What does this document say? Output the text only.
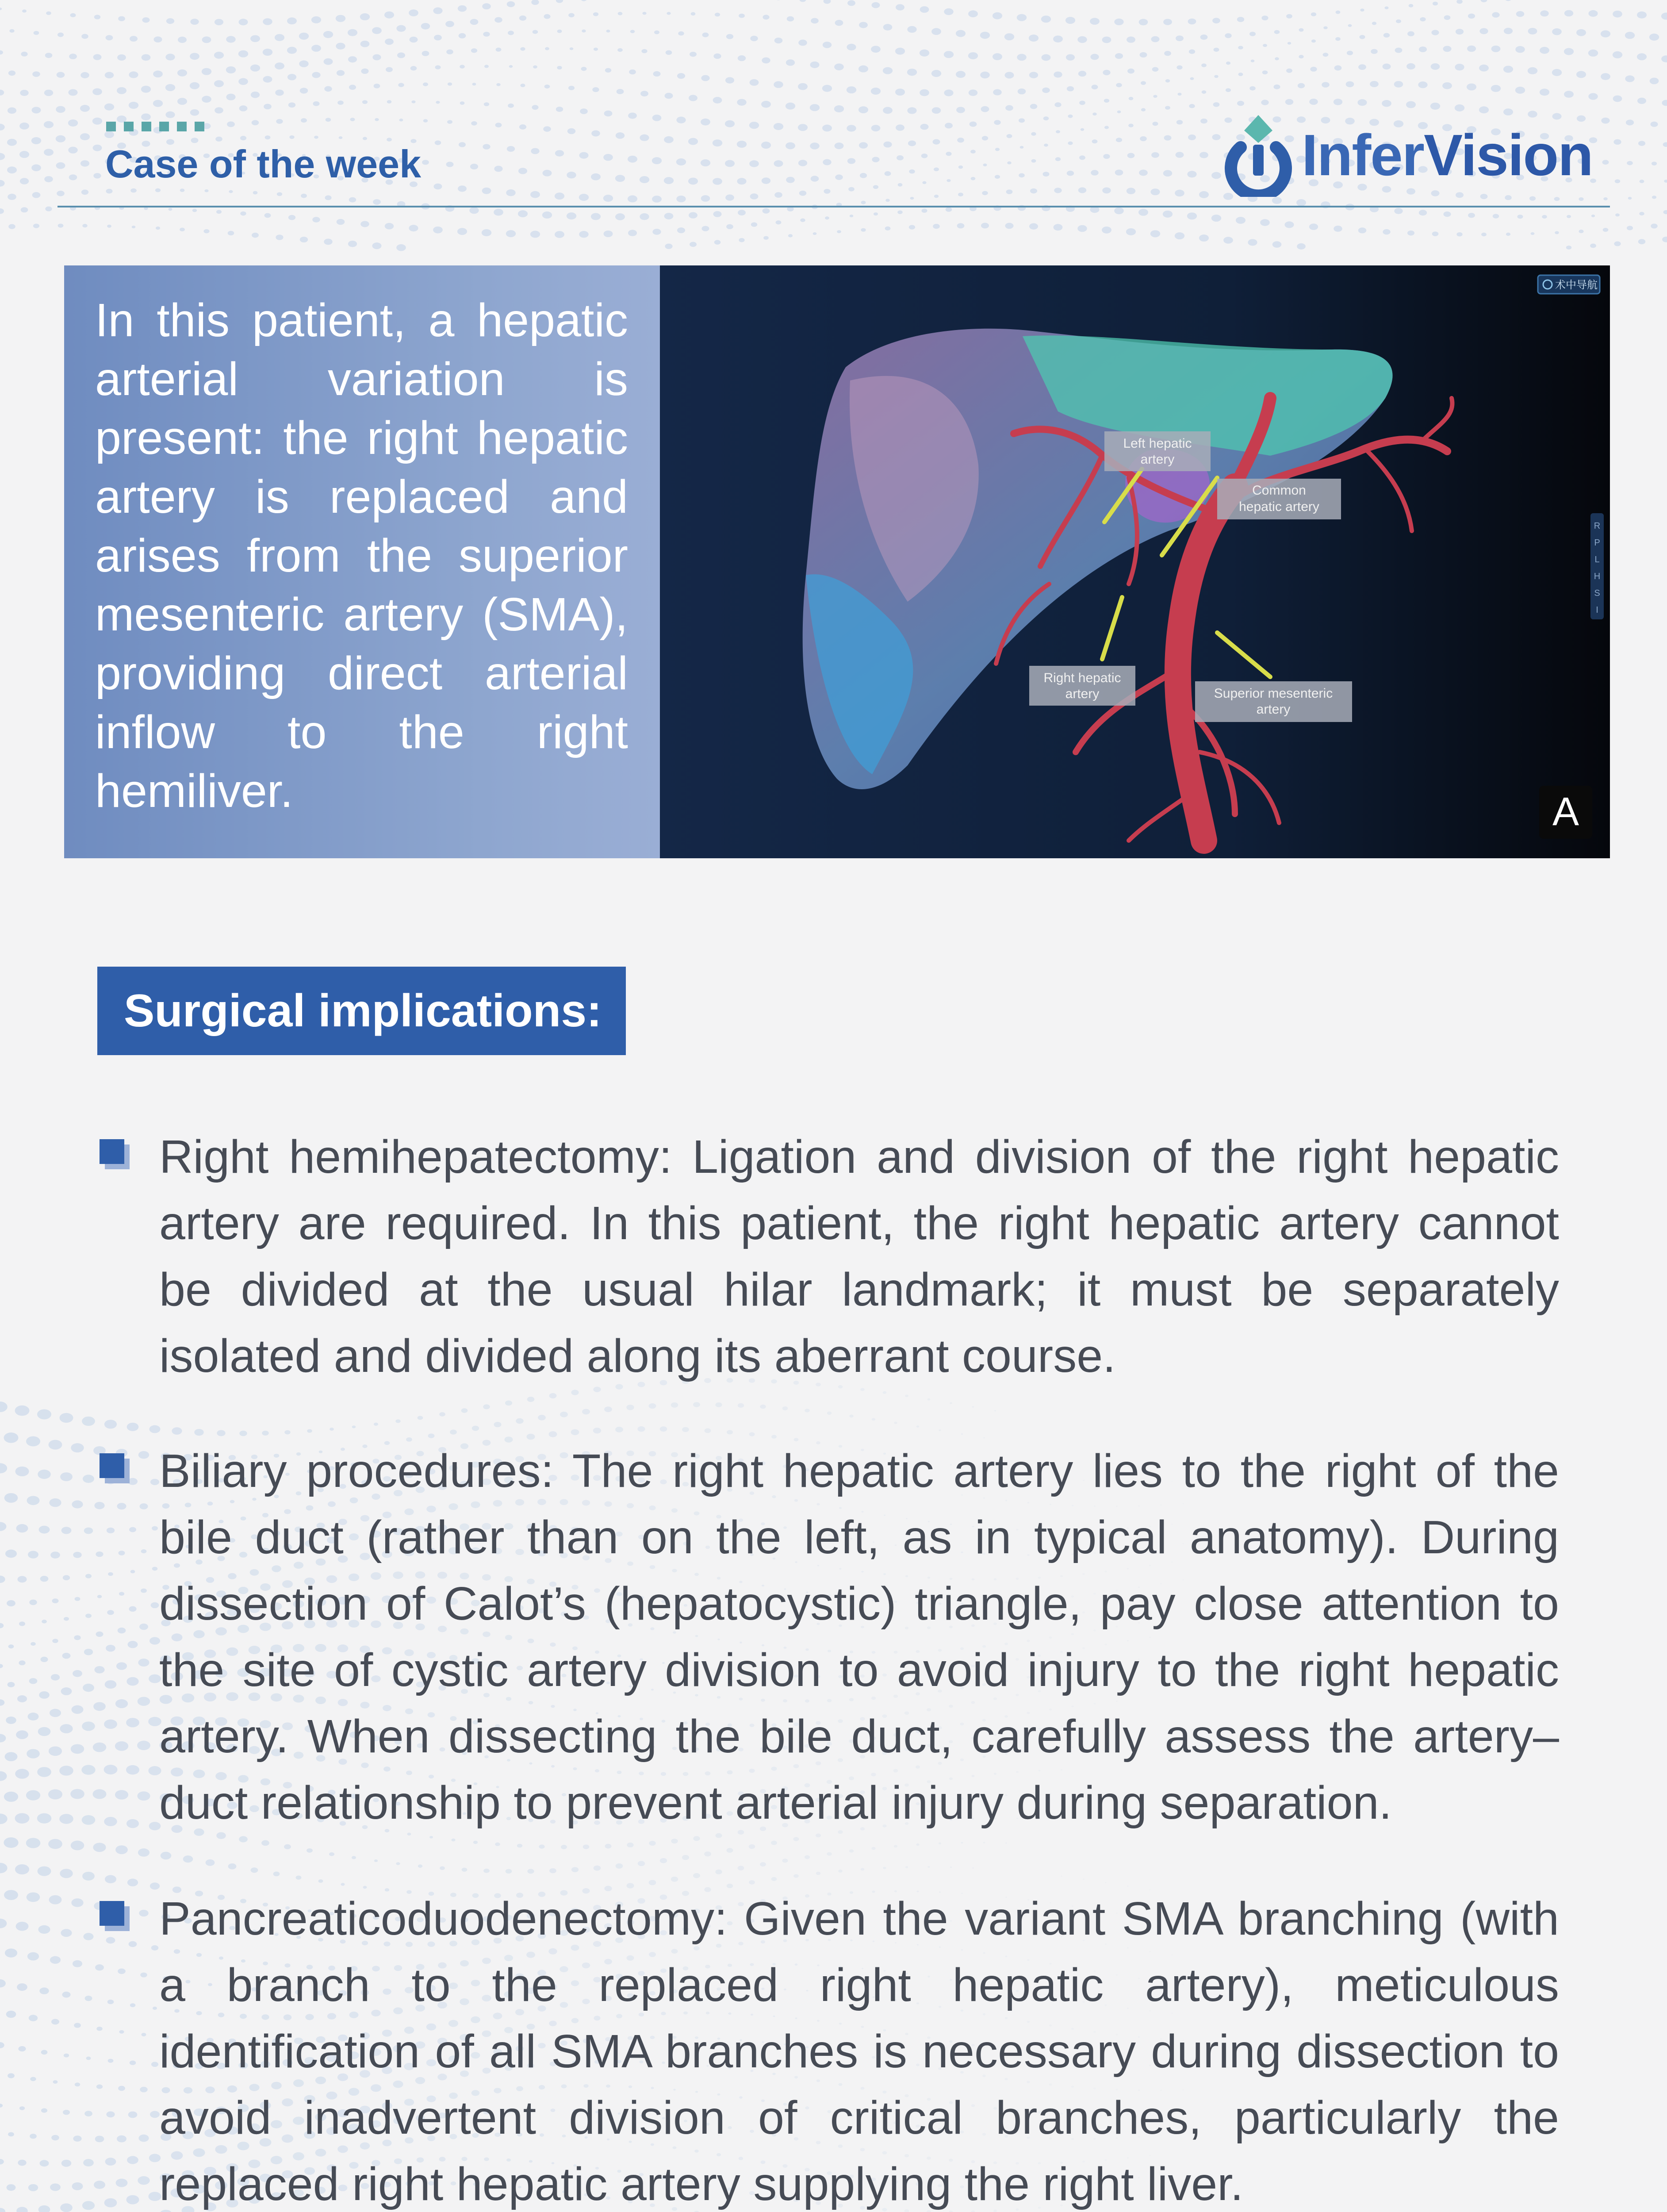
Case of the week	InferVision
In this patient, a hepatic arterial variation is present: the right hepatic artery is replaced and arises from the superior mesenteric artery (SMA), providing direct arterial inflow to the right hemiliver.
Left hepatic
artery
Common
hepatic artery
Right hepatic
artery	Superior mesenteric
artery
术中导航
R
P
L
H
S
I
A
Surgical implications:

Right hemihepatectomy: Ligation and division of the right hepatic artery are required. In this patient, the right hepatic artery cannot be divided at the usual hilar landmark; it must be separately isolated and divided along its aberrant course.

Biliary procedures: The right hepatic artery lies to the right of the bile duct (rather than on the left, as in typical anatomy). During dissection of Calot’s (hepatocystic) triangle, pay close attention to the site of cystic artery division to avoid injury to the right hepatic artery. When dissecting the bile duct, carefully assess the artery–duct relationship to prevent arterial injury during separation.

Pancreaticoduodenectomy: Given the variant SMA branching (with a branch to the replaced right hepatic artery), meticulous identification of all SMA branches is necessary during dissection to avoid inadvertent division of critical branches, particularly the replaced right hepatic artery supplying the right liver.
